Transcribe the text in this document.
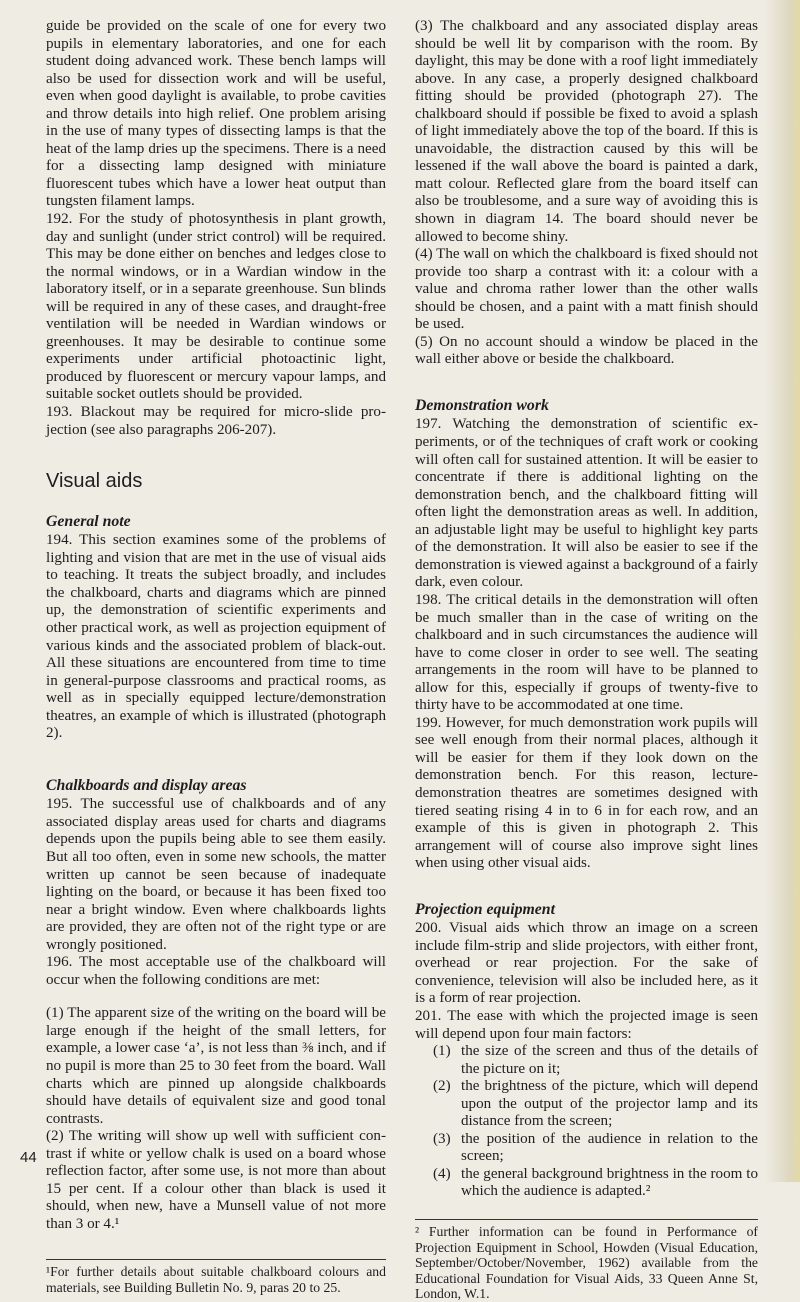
guide be provided on the scale of one for every two pupils in elementary laboratories, and one for each student doing advanced work. These bench lamps will also be used for dissection work and will be useful, even when good daylight is available, to probe cavities and throw details into high relief. One problem arising in the use of many types of dissecting lamps is that the heat of the lamp dries up the specimens. There is a need for a dissecting lamp designed with miniature fluorescent tubes which have a lower heat output than tungsten filament lamps.

192. For the study of photosynthesis in plant growth, day and sunlight (under strict control) will be required. This may be done either on benches and ledges close to the normal windows, or in a Wardian window in the laboratory itself, or in a separate greenhouse. Sun blinds will be required in any of these cases, and draught-free ventilation will be needed in Wardian windows or greenhouses. It may be desirable to continue some experiments under artificial photoactinic light, produced by fluorescent or mercury vapour lamps, and suitable socket outlets should be provided.

193. Blackout may be required for micro-slide projection (see also paragraphs 206-207).

Visual aids
General note

194. This section examines some of the problems of lighting and vision that are met in the use of visual aids to teaching. It treats the subject broadly, and includes the chalkboard, charts and diagrams which are pinned up, the demonstration of scientific experiments and other practical work, as well as projection equipment of various kinds and the associated problem of black-out. All these situations are encountered from time to time in general-purpose classrooms and practical rooms, as well as in specially equipped lecture/demonstration theatres, an example of which is illustrated (photograph 2).

Chalkboards and display areas

195. The successful use of chalkboards and of any associated display areas used for charts and diagrams depends upon the pupils being able to see them easily. But all too often, even in some new schools, the matter written up cannot be seen because of inadequate lighting on the board, or because it has been fixed too near a bright window. Even where chalkboards lights are provided, they are often not of the right type or are wrongly positioned.

196. The most acceptable use of the chalkboard will occur when the following conditions are met:

(1) The apparent size of the writing on the board will be large enough if the height of the small letters, for example, a lower case ‘a’, is not less than ⅜ inch, and if no pupil is more than 25 to 30 feet from the board. Wall charts which are pinned up alongside chalkboards should have details of equivalent size and good tonal contrasts.

(2) The writing will show up well with sufficient contrast if white or yellow chalk is used on a board whose reflection factor, after some use, is not more than about 15 per cent. If a colour other than black is used it should, when new, have a Munsell value of not more than 3 or 4.¹

¹For further details about suitable chalkboard colours and materials, see Building Bulletin No. 9, paras 20 to 25.

(3) The chalkboard and any associated display areas should be well lit by comparison with the room. By daylight, this may be done with a roof light immediately above. In any case, a properly designed chalkboard fitting should be provided (photograph 27). The chalkboard should if possible be fixed to avoid a splash of light immediately above the top of the board. If this is unavoidable, the distraction caused by this will be lessened if the wall above the board is painted a dark, matt colour. Reflected glare from the board itself can also be troublesome, and a sure way of avoiding this is shown in diagram 14. The board should never be allowed to become shiny.

(4) The wall on which the chalkboard is fixed should not provide too sharp a contrast with it: a colour with a value and chroma rather lower than the other walls should be chosen, and a paint with a matt finish should be used.

(5) On no account should a window be placed in the wall either above or beside the chalkboard.

Demonstration work

197. Watching the demonstration of scientific experiments, or of the techniques of craft work or cooking will often call for sustained attention. It will be easier to concentrate if there is additional lighting on the demonstration bench, and the chalkboard fitting will often light the demonstration areas as well. In addition, an adjustable light may be useful to highlight key parts of the demonstration. It will also be easier to see if the demonstration is viewed against a background of a fairly dark, even colour.

198. The critical details in the demonstration will often be much smaller than in the case of writing on the chalkboard and in such circumstances the audience will have to come closer in order to see well. The seating arrangements in the room will have to be planned to allow for this, especially if groups of twenty-five to thirty have to be accommodated at one time.

199. However, for much demonstration work pupils will see well enough from their normal places, although it will be easier for them if they look down on the demonstration bench. For this reason, lecture-demonstration theatres are sometimes designed with tiered seating rising 4 in to 6 in for each row, and an example of this is given in photograph 2. This arrangement will of course also improve sight lines when using other visual aids.

Projection equipment

200. Visual aids which throw an image on a screen include film-strip and slide projectors, with either front, overhead or rear projection. For the sake of convenience, television will also be included here, as it is a form of rear projection.

201. The ease with which the projected image is seen will depend upon four main factors:

(1) the size of the screen and thus of the details of the picture on it;
(2) the brightness of the picture, which will depend upon the output of the projector lamp and its distance from the screen;
(3) the position of the audience in relation to the screen;
(4) the general background brightness in the room to which the audience is adapted.²

² Further information can be found in Performance of Projection Equipment in School, Howden (Visual Education, September/October/November, 1962) available from the Educational Foundation for Visual Aids, 33 Queen Anne St, London, W.1.

44
